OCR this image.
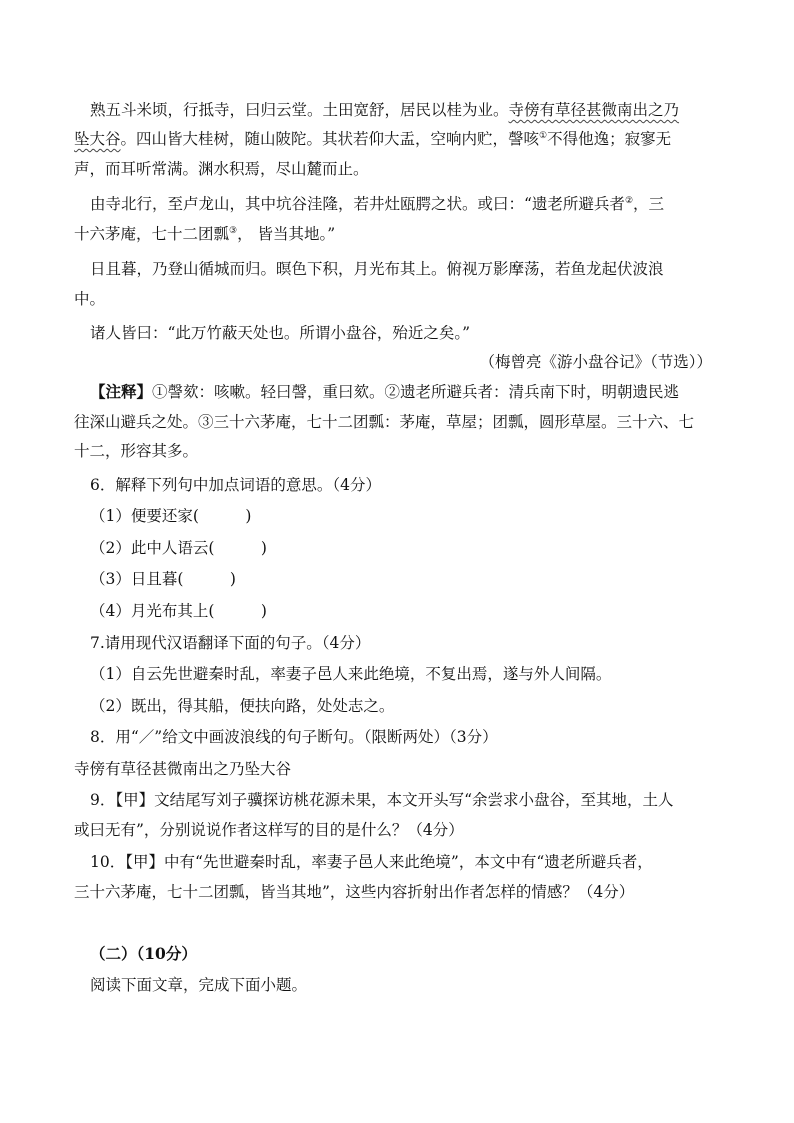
熟五斗米顷，行抵寺，曰归云堂。土田宽舒，居民以桂为业。寺傍有草径甚微南出之乃
坠大谷。四山皆大桂树，随山陂陀。其状若仰大盂，空响内贮，謦咳①不得他逸；寂寥无
声，而耳听常满。渊水积焉，尽山麓而止。
由寺北行，至卢龙山，其中坑谷洼隆，若井灶瓯腭之状。或曰：“遗老所避兵者②，三
十六茅庵，七十二团瓢③， 皆当其地。”
日且暮，乃登山循城而归。暝色下积，月光布其上。俯视万影摩荡，若鱼龙起伏波浪
中。
诸人皆曰：“此万竹蔽天处也。所谓小盘谷，殆近之矣。”
（梅曾亮《游小盘谷记》（节选））
【注释】①謦欬：咳嗽。轻曰謦，重曰欬。②遗老所避兵者：清兵南下时，明朝遗民逃
往深山避兵之处。③三十六茅庵，七十二团瓢：茅庵，草屋；团瓢，圆形草屋。三十六、七
十二，形容其多。
6．解释下列句中加点词语的意思。（4分）
（1）便要还家(　　　)
（2）此中人语云(　　　)
（3）日且暮(　　　)
（4）月光布其上(　　　)
7.请用现代汉语翻译下面的句子。（4分）
（1）自云先世避秦时乱，率妻子邑人来此绝境，不复出焉，遂与外人间隔。
（2）既出，得其船，便扶向路，处处志之。
8．用“／”给文中画波浪线的句子断句。（限断两处）（3分）
寺傍有草径甚微南出之乃坠大谷
9．【甲】文结尾写刘子骥探访桃花源未果，本文开头写“余尝求小盘谷，至其地，土人
或曰无有”，分别说说作者这样写的目的是什么？（4分）
10．【甲】中有“先世避秦时乱，率妻子邑人来此绝境”，本文中有“遗老所避兵者，
三十六茅庵，七十二团瓢，皆当其地”，这些内容折射出作者怎样的情感？（4分）
（二）（10分）
阅读下面文章，完成下面小题。
